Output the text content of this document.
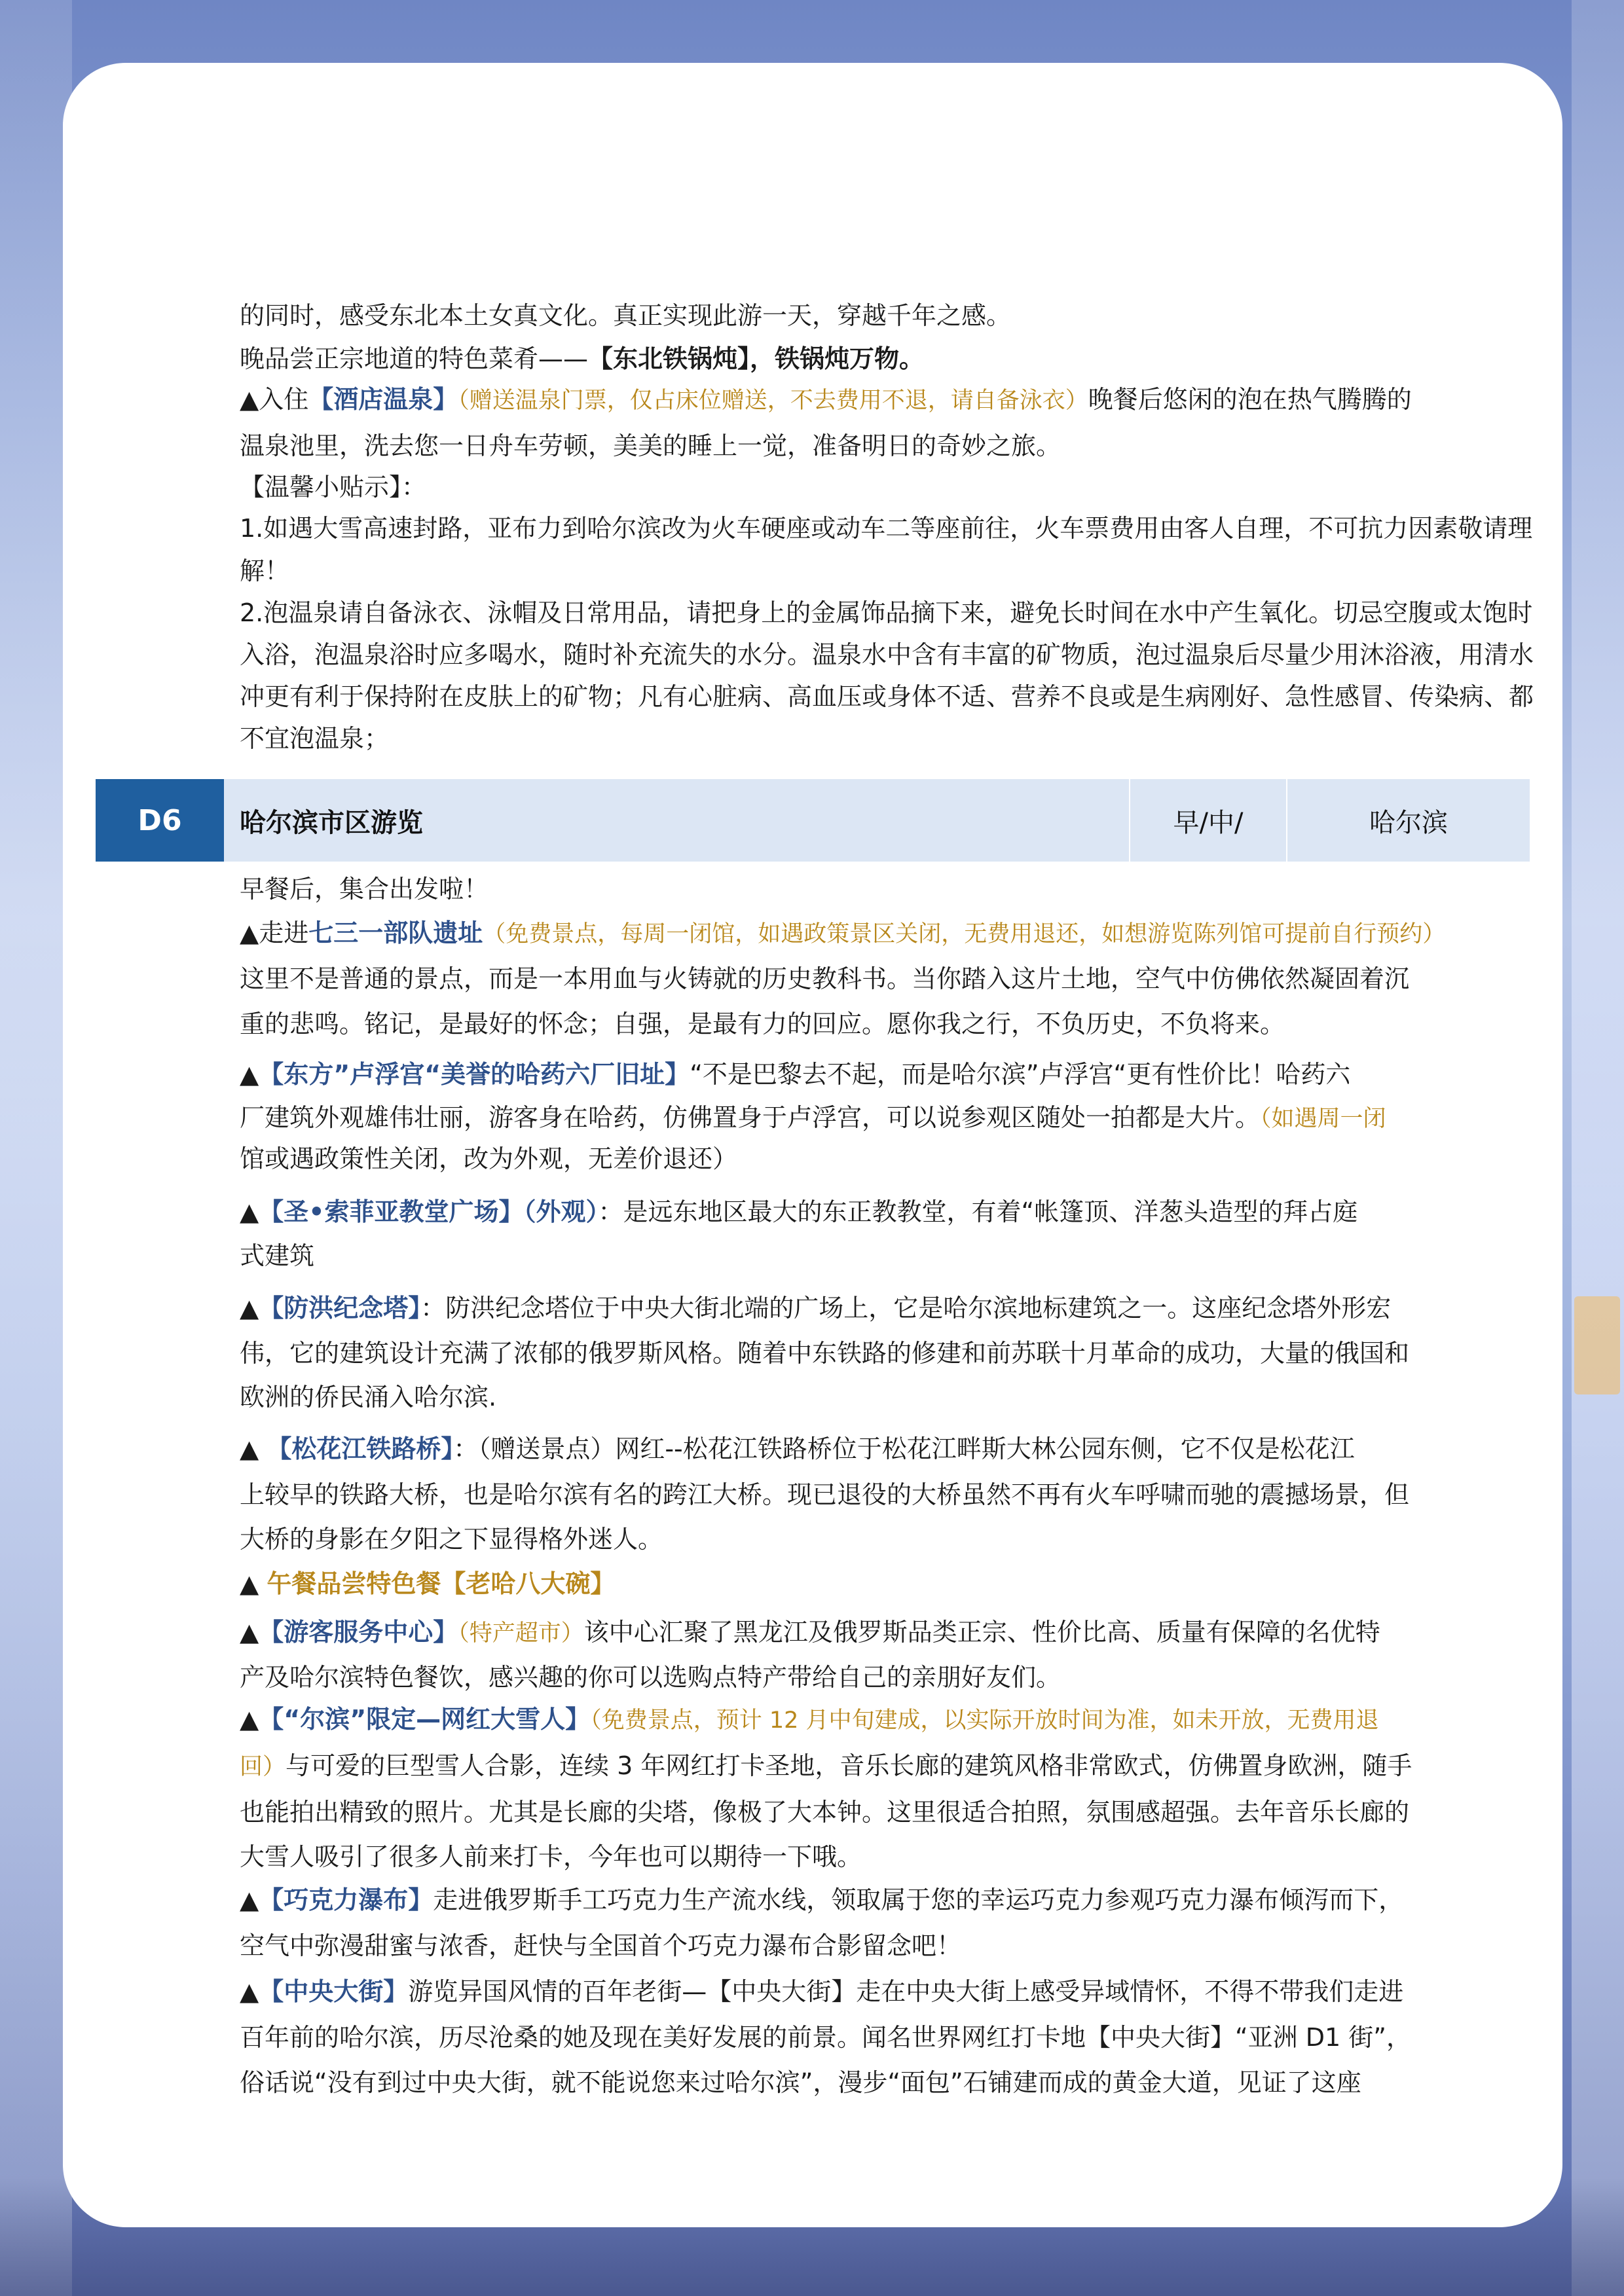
的同时，感受东北本土女真文化。真正实现此游一天，穿越千年之感。

晚品尝正宗地道的特色菜肴——【东北铁锅炖】，铁锅炖万物。

▲入住【酒店温泉】（赠送温泉门票，仅占床位赠送，不去费用不退，请自备泳衣）晚餐后悠闲的泡在热气腾腾的

温泉池里，洗去您一日舟车劳顿，美美的睡上一觉，准备明日的奇妙之旅。

【温馨小贴示】：

1.如遇大雪高速封路，亚布力到哈尔滨改为火车硬座或动车二等座前往，火车票费用由客人自理，不可抗力因素敬请理

解！

2.泡温泉请自备泳衣、泳帽及日常用品，请把身上的金属饰品摘下来，避免长时间在水中产生氧化。切忌空腹或太饱时

入浴，泡温泉浴时应多喝水，随时补充流失的水分。温泉水中含有丰富的矿物质，泡过温泉后尽量少用沐浴液，用清水

冲更有利于保持附在皮肤上的矿物；凡有心脏病、高血压或身体不适、营养不良或是生病刚好、急性感冒、传染病、都

不宜泡温泉；

D6	哈尔滨市区游览	早/中/	哈尔滨

早餐后，集合出发啦！

▲走进七三一部队遗址（免费景点，每周一闭馆，如遇政策景区关闭，无费用退还，如想游览陈列馆可提前自行预约）

这里不是普通的景点，而是一本用血与火铸就的历史教科书。当你踏入这片土地，空气中仿佛依然凝固着沉

重的悲鸣。铭记，是最好的怀念；自强，是最有力的回应。愿你我之行，不负历史，不负将来。

▲【东方”卢浮宫“美誉的哈药六厂旧址】“不是巴黎去不起，而是哈尔滨”卢浮宫“更有性价比！哈药六

厂建筑外观雄伟壮丽，游客身在哈药，仿佛置身于卢浮宫，可以说参观区随处一拍都是大片。（如遇周一闭

馆或遇政策性关闭，改为外观，无差价退还）

▲【圣•索菲亚教堂广场】（外观）：是远东地区最大的东正教教堂，有着“帐篷顶、洋葱头造型的拜占庭

式建筑

▲【防洪纪念塔】：防洪纪念塔位于中央大街北端的广场上，它是哈尔滨地标建筑之一。这座纪念塔外形宏

伟，它的建筑设计充满了浓郁的俄罗斯风格。随着中东铁路的修建和前苏联十月革命的成功，大量的俄国和

欧洲的侨民涌入哈尔滨.

▲ 【松花江铁路桥】：（赠送景点）网红--松花江铁路桥位于松花江畔斯大林公园东侧，它不仅是松花江

上较早的铁路大桥，也是哈尔滨有名的跨江大桥。现已退役的大桥虽然不再有火车呼啸而驰的震撼场景，但

大桥的身影在夕阳之下显得格外迷人。

▲ 午餐品尝特色餐【老哈八大碗】

▲【游客服务中心】（特产超市）该中心汇聚了黑龙江及俄罗斯品类正宗、性价比高、质量有保障的名优特

产及哈尔滨特色餐饮，感兴趣的你可以选购点特产带给自己的亲朋好友们。

▲【“尔滨”限定—网红大雪人】（免费景点，预计 12 月中旬建成，以实际开放时间为准，如未开放，无费用退

回）与可爱的巨型雪人合影，连续 3 年网红打卡圣地，音乐长廊的建筑风格非常欧式，仿佛置身欧洲，随手

也能拍出精致的照片。尤其是长廊的尖塔，像极了大本钟。这里很适合拍照，氛围感超强。去年音乐长廊的

大雪人吸引了很多人前来打卡，今年也可以期待一下哦。

▲【巧克力瀑布】走进俄罗斯手工巧克力生产流水线，领取属于您的幸运巧克力参观巧克力瀑布倾泻而下，

空气中弥漫甜蜜与浓香，赶快与全国首个巧克力瀑布合影留念吧！

▲【中央大街】游览异国风情的百年老街—【中央大街】走在中央大街上感受异域情怀，不得不带我们走进

百年前的哈尔滨，历尽沧桑的她及现在美好发展的前景。闻名世界网红打卡地【中央大街】“亚洲 D1 街”，

俗话说“没有到过中央大街，就不能说您来过哈尔滨”，漫步“面包”石铺建而成的黄金大道，见证了这座
